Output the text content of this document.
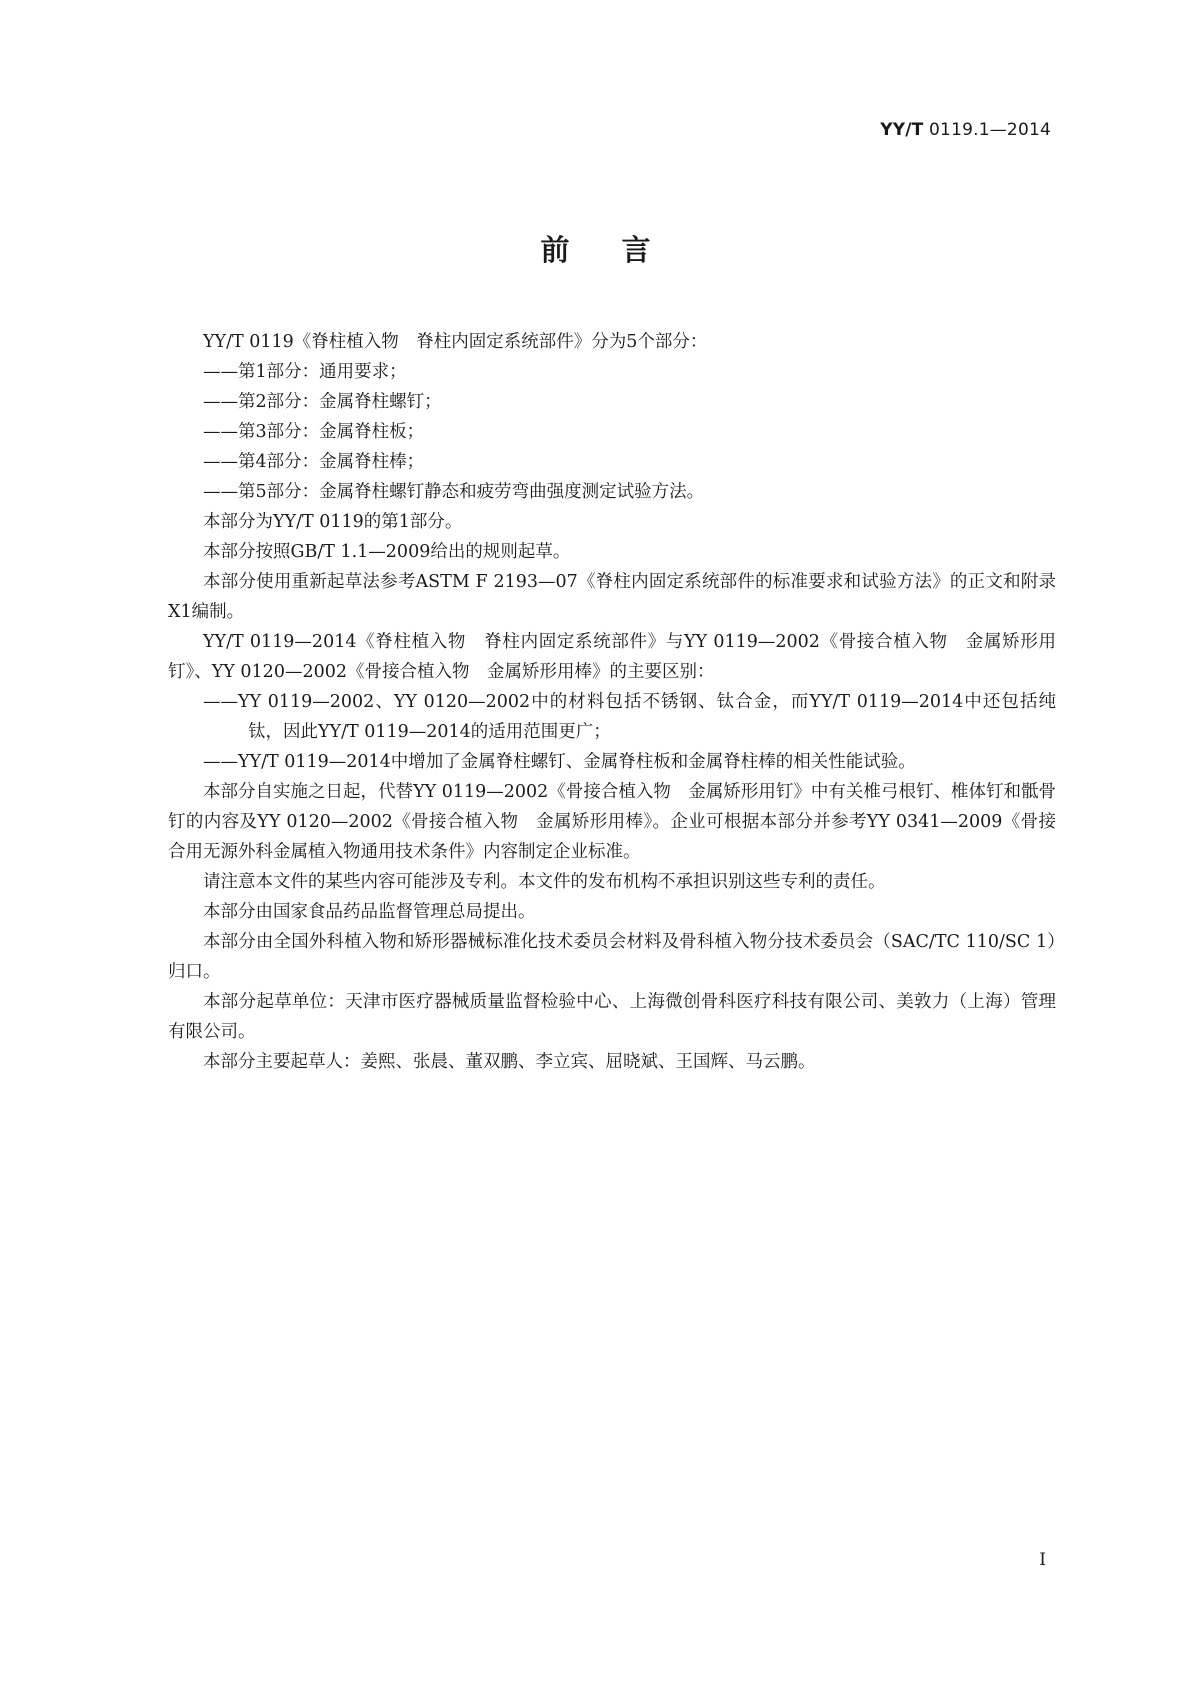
YY/T 0119.1—2014
前言

YY/T 0119《脊柱植入物　脊柱内固定系统部件》分为5个部分：

——第1部分：通用要求；

——第2部分：金属脊柱螺钉；

——第3部分：金属脊柱板；

——第4部分：金属脊柱棒；

——第5部分：金属脊柱螺钉静态和疲劳弯曲强度测定试验方法。

本部分为YY/T 0119的第1部分。

本部分按照GB/T 1.1—2009给出的规则起草。

本部分使用重新起草法参考ASTM F 2193—07《脊柱内固定系统部件的标准要求和试验方法》的正文和附录X1编制。

YY/T 0119—2014《脊柱植入物　脊柱内固定系统部件》与YY 0119—2002《骨接合植入物　金属矫形用钉》、YY 0120—2002《骨接合植入物　金属矫形用棒》的主要区别：

——YY 0119—2002、YY 0120—2002中的材料包括不锈钢、钛合金，而YY/T 0119—2014中还包括纯钛，因此YY/T 0119—2014的适用范围更广；

——YY/T 0119—2014中增加了金属脊柱螺钉、金属脊柱板和金属脊柱棒的相关性能试验。

本部分自实施之日起，代替YY 0119—2002《骨接合植入物　金属矫形用钉》中有关椎弓根钉、椎体钉和骶骨钉的内容及YY 0120—2002《骨接合植入物　金属矫形用棒》。企业可根据本部分并参考YY 0341—2009《骨接合用无源外科金属植入物通用技术条件》内容制定企业标准。

请注意本文件的某些内容可能涉及专利。本文件的发布机构不承担识别这些专利的责任。

本部分由国家食品药品监督管理总局提出。

本部分由全国外科植入物和矫形器械标准化技术委员会材料及骨科植入物分技术委员会（SAC/TC 110/SC 1）归口。

本部分起草单位：天津市医疗器械质量监督检验中心、上海微创骨科医疗科技有限公司、美敦力（上海）管理有限公司。

本部分主要起草人：姜熙、张晨、董双鹏、李立宾、屈晓斌、王国辉、马云鹏。

I
